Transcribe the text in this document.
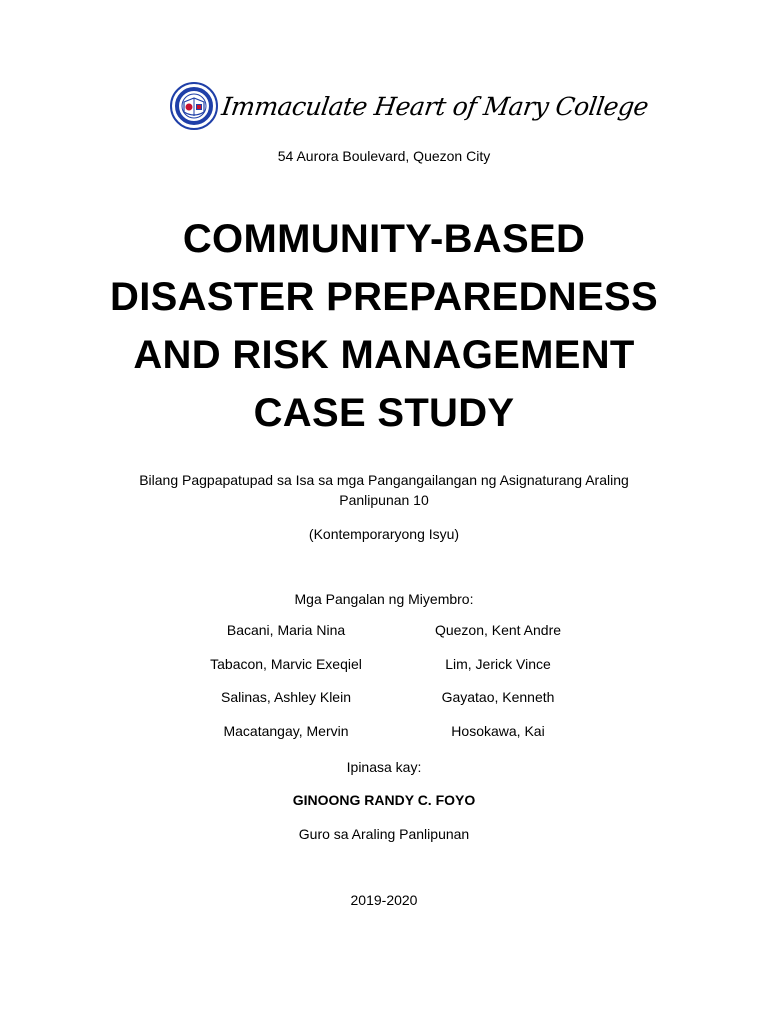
Immaculate Heart of Mary College
54 Aurora Boulevard, Quezon City
COMMUNITY-BASED
DISASTER PREPAREDNESS
AND RISK MANAGEMENT
CASE STUDY
Bilang Pagpapatupad sa Isa sa mga Pangangailangan ng Asignaturang Araling
Panlipunan 10
(Kontemporaryong Isyu)
Mga Pangalan ng Miyembro:
Bacani, Maria Nina	Quezon, Kent Andre
Tabacon, Marvic Exeqiel	Lim, Jerick Vince
Salinas, Ashley Klein	Gayatao, Kenneth
Macatangay, Mervin	Hosokawa, Kai
Ipinasa kay:
GINOONG RANDY C. FOYO
Guro sa Araling Panlipunan
2019-2020
